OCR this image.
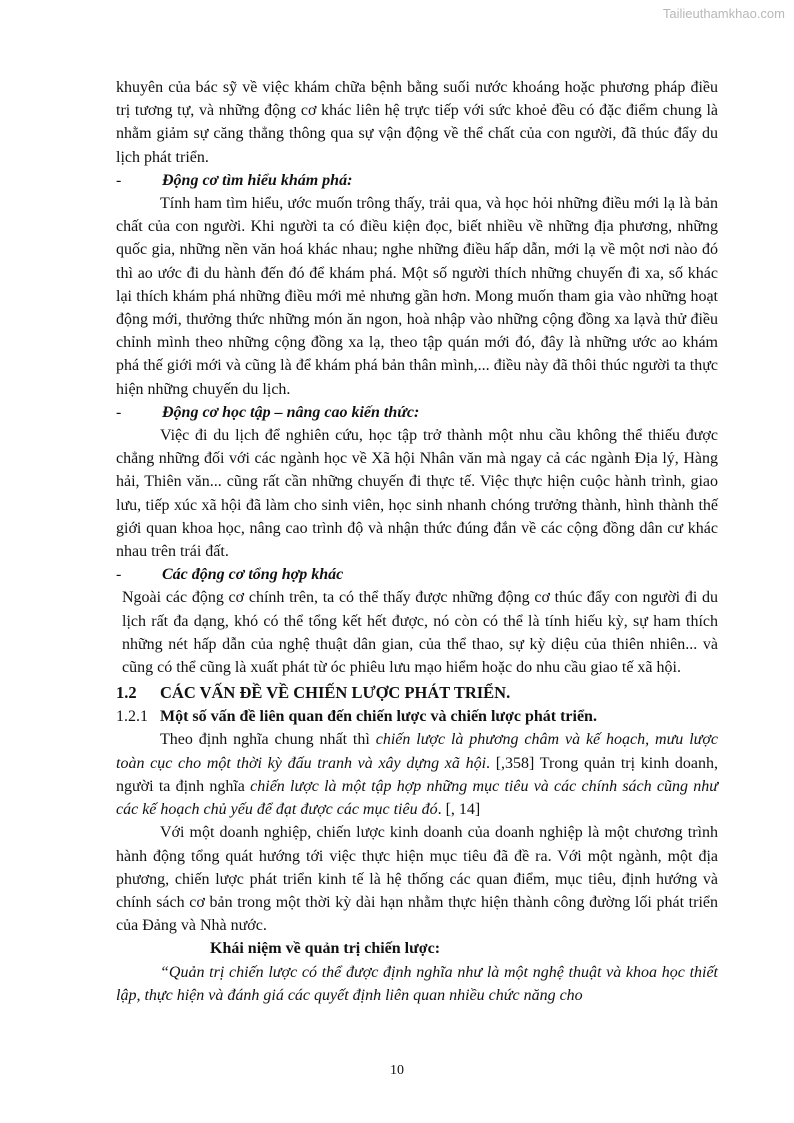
Tailieuthamkhao.com

khuyên của bác sỹ về việc khám chữa bệnh bằng suối nước khoáng hoặc phương pháp điều trị tương tự, và những động cơ khác liên hệ trực tiếp với sức khoẻ đều có đặc điểm chung là nhằm giảm sự căng thẳng thông qua sự vận động về thể chất của con người, đã thúc đẩy du lịch phát triển.

-	Động cơ tìm hiểu khám phá:

Tính ham tìm hiểu, ước muốn trông thấy, trải qua, và học hỏi những điều mới lạ là bản chất của con người. Khi người ta có điều kiện đọc, biết nhiều về những địa phương, những quốc gia, những nền văn hoá khác nhau; nghe những điều hấp dẫn, mới lạ về một nơi nào đó thì ao ước đi du hành đến đó để khám phá. Một số người thích những chuyến đi xa, số khác lại thích khám phá những điều mới mẻ nhưng gần hơn. Mong muốn tham gia vào những hoạt động mới, thưởng thức những món ăn ngon, hoà nhập vào những cộng đồng xa lạvà thử điều chỉnh mình theo những cộng đồng xa lạ, theo tập quán mới đó, đây là những ước ao khám phá thế giới mới và cũng là để khám phá bản thân mình,... điều này đã thôi thúc người ta thực hiện những chuyến du lịch.

-	Động cơ học tập – nâng cao kiến thức:

Việc đi du lịch để nghiên cứu, học tập trở thành một nhu cầu không thể thiếu được chẳng những đối với các ngành học về Xã hội Nhân văn mà ngay cả các ngành Địa lý, Hàng hải, Thiên văn... cũng rất cần những chuyến đi thực tế. Việc thực hiện cuộc hành trình, giao lưu, tiếp xúc xã hội đã làm cho sinh viên, học sinh nhanh chóng trưởng thành, hình thành thế giới quan khoa học, nâng cao trình độ và nhận thức đúng đắn về các cộng đồng dân cư khác nhau trên trái đất.

-	Các động cơ tổng hợp khác

Ngoài các động cơ chính trên, ta có thể thấy được những động cơ thúc đẩy con người đi du lịch rất đa dạng, khó có thể tổng kết hết được, nó còn có thể là tính hiếu kỳ, sự ham thích những nét hấp dẫn của nghệ thuật dân gian, của thể thao, sự kỳ diệu của thiên nhiên... và cũng có thể cũng là xuất phát từ óc phiêu lưu mạo hiểm hoặc do nhu cầu giao tế xã hội.

1.2	CÁC VẤN ĐỀ VỀ CHIẾN LƯỢC PHÁT TRIỂN.
1.2.1 Một số vấn đề liên quan đến chiến lược và chiến lược phát triển.

Theo định nghĩa chung nhất thì chiến lược là phương châm và kế hoạch, mưu lược toàn cục cho một thời kỳ đấu tranh và xây dựng xã hội. [,358] Trong quản trị kinh doanh, người ta định nghĩa chiến lược là một tập hợp những mục tiêu và các chính sách cũng như các kế hoạch chủ yếu để đạt được các mục tiêu đó. [, 14]

Với một doanh nghiệp, chiến lược kinh doanh của doanh nghiệp là một chương trình hành động tổng quát hướng tới việc thực hiện mục tiêu đã đề ra. Với một ngành, một địa phương, chiến lược phát triển kinh tế là hệ thống các quan điểm, mục tiêu, định hướng và chính sách cơ bản trong một thời kỳ dài hạn nhằm thực hiện thành công đường lối phát triển của Đảng và Nhà nước.

Khái niệm về quản trị chiến lược:

“Quản trị chiến lược có thể được định nghĩa như là một nghệ thuật và khoa học thiết lập, thực hiện và đánh giá các quyết định liên quan nhiều chức năng cho

10
